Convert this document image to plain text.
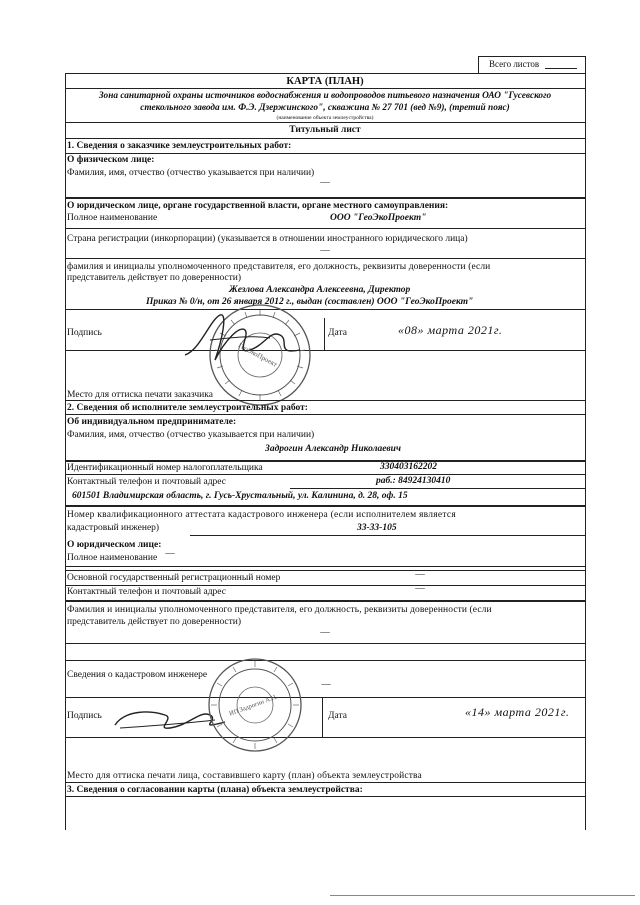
Всего листов
КАРТА (ПЛАН)
Зона санитарной охраны источников водоснабжения и водопроводов питьевого назначения ОАО "Гусевского
стекольного завода им. Ф.Э. Дзержинского", скважина № 27 701 (вед №9), (третий пояс)
(наименование объекта землеустройства)
Титульный лист
1. Сведения о заказчике землеустроительных работ:
О физическом лице:
Фамилия, имя, отчество (отчество указывается при наличии)
—
О юридическом лице, органе государственной власти, органе местного самоуправления:
Полное наименование	ООО "ГеоЭкоПроект"
Страна регистрации (инкорпорации) (указывается в отношении иностранного юридического лица)
—
фамилия и инициалы уполномоченного представителя, его должность, реквизиты доверенности (если
представитель действует по доверенности)
Жезлова Александра Алексеевна, Директор
Приказ № 0/н, от 26 января 2012 г., выдан (составлен) ООО "ГеоЭкоПроект"
Подпись	Дата	«08» марта 2021г.
Место для оттиска печати заказчика
ГеоЭкоПроект
2. Сведения об исполнителе землеустроительных работ:
Об индивидуальном предпринимателе:
Фамилия, имя, отчество (отчество указывается при наличии)
Задрогин Александр Николаевич
Идентификационный номер налогоплательщика	330403162202
Контактный телефон и почтовый адрес	раб.: 84924130410
601501 Владимирская область, г. Гусь-Хрустальный, ул. Калинина, д. 28, оф. 15
Номер квалификационного аттестата кадастрового инженера (если исполнителем является
кадастровый инженер)	33-33-105
О юридическом лице:
Полное наименование —
Основной государственный регистрационный номер	—
Контактный телефон и почтовый адрес	—
Фамилия и инициалы уполномоченного представителя, его должность, реквизиты доверенности (если
представитель действует по доверенности)
—
Сведения о кадастровом инженере
—
Подпись	Дата	«14» марта 2021г.
ИП Задрогин А.Н.
Место для оттиска печати лица, составившего карту (план) объекта землеустройства
3. Сведения о согласовании карты (плана) объекта землеустройства:
